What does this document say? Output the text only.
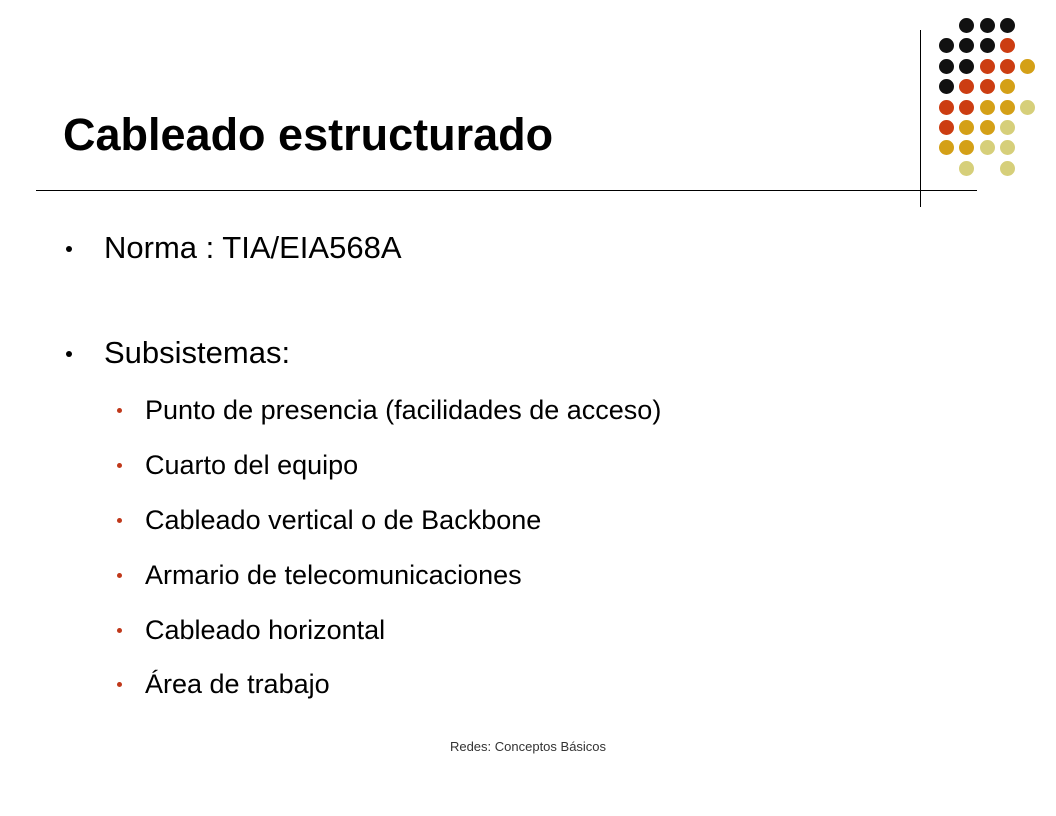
Cableado estructurado
Norma : TIA/EIA568A
Subsistemas:
Punto de presencia (facilidades de acceso)
Cuarto del equipo
Cableado vertical o de Backbone
Armario de telecomunicaciones
Cableado horizontal
Área de trabajo
Redes: Conceptos Básicos
